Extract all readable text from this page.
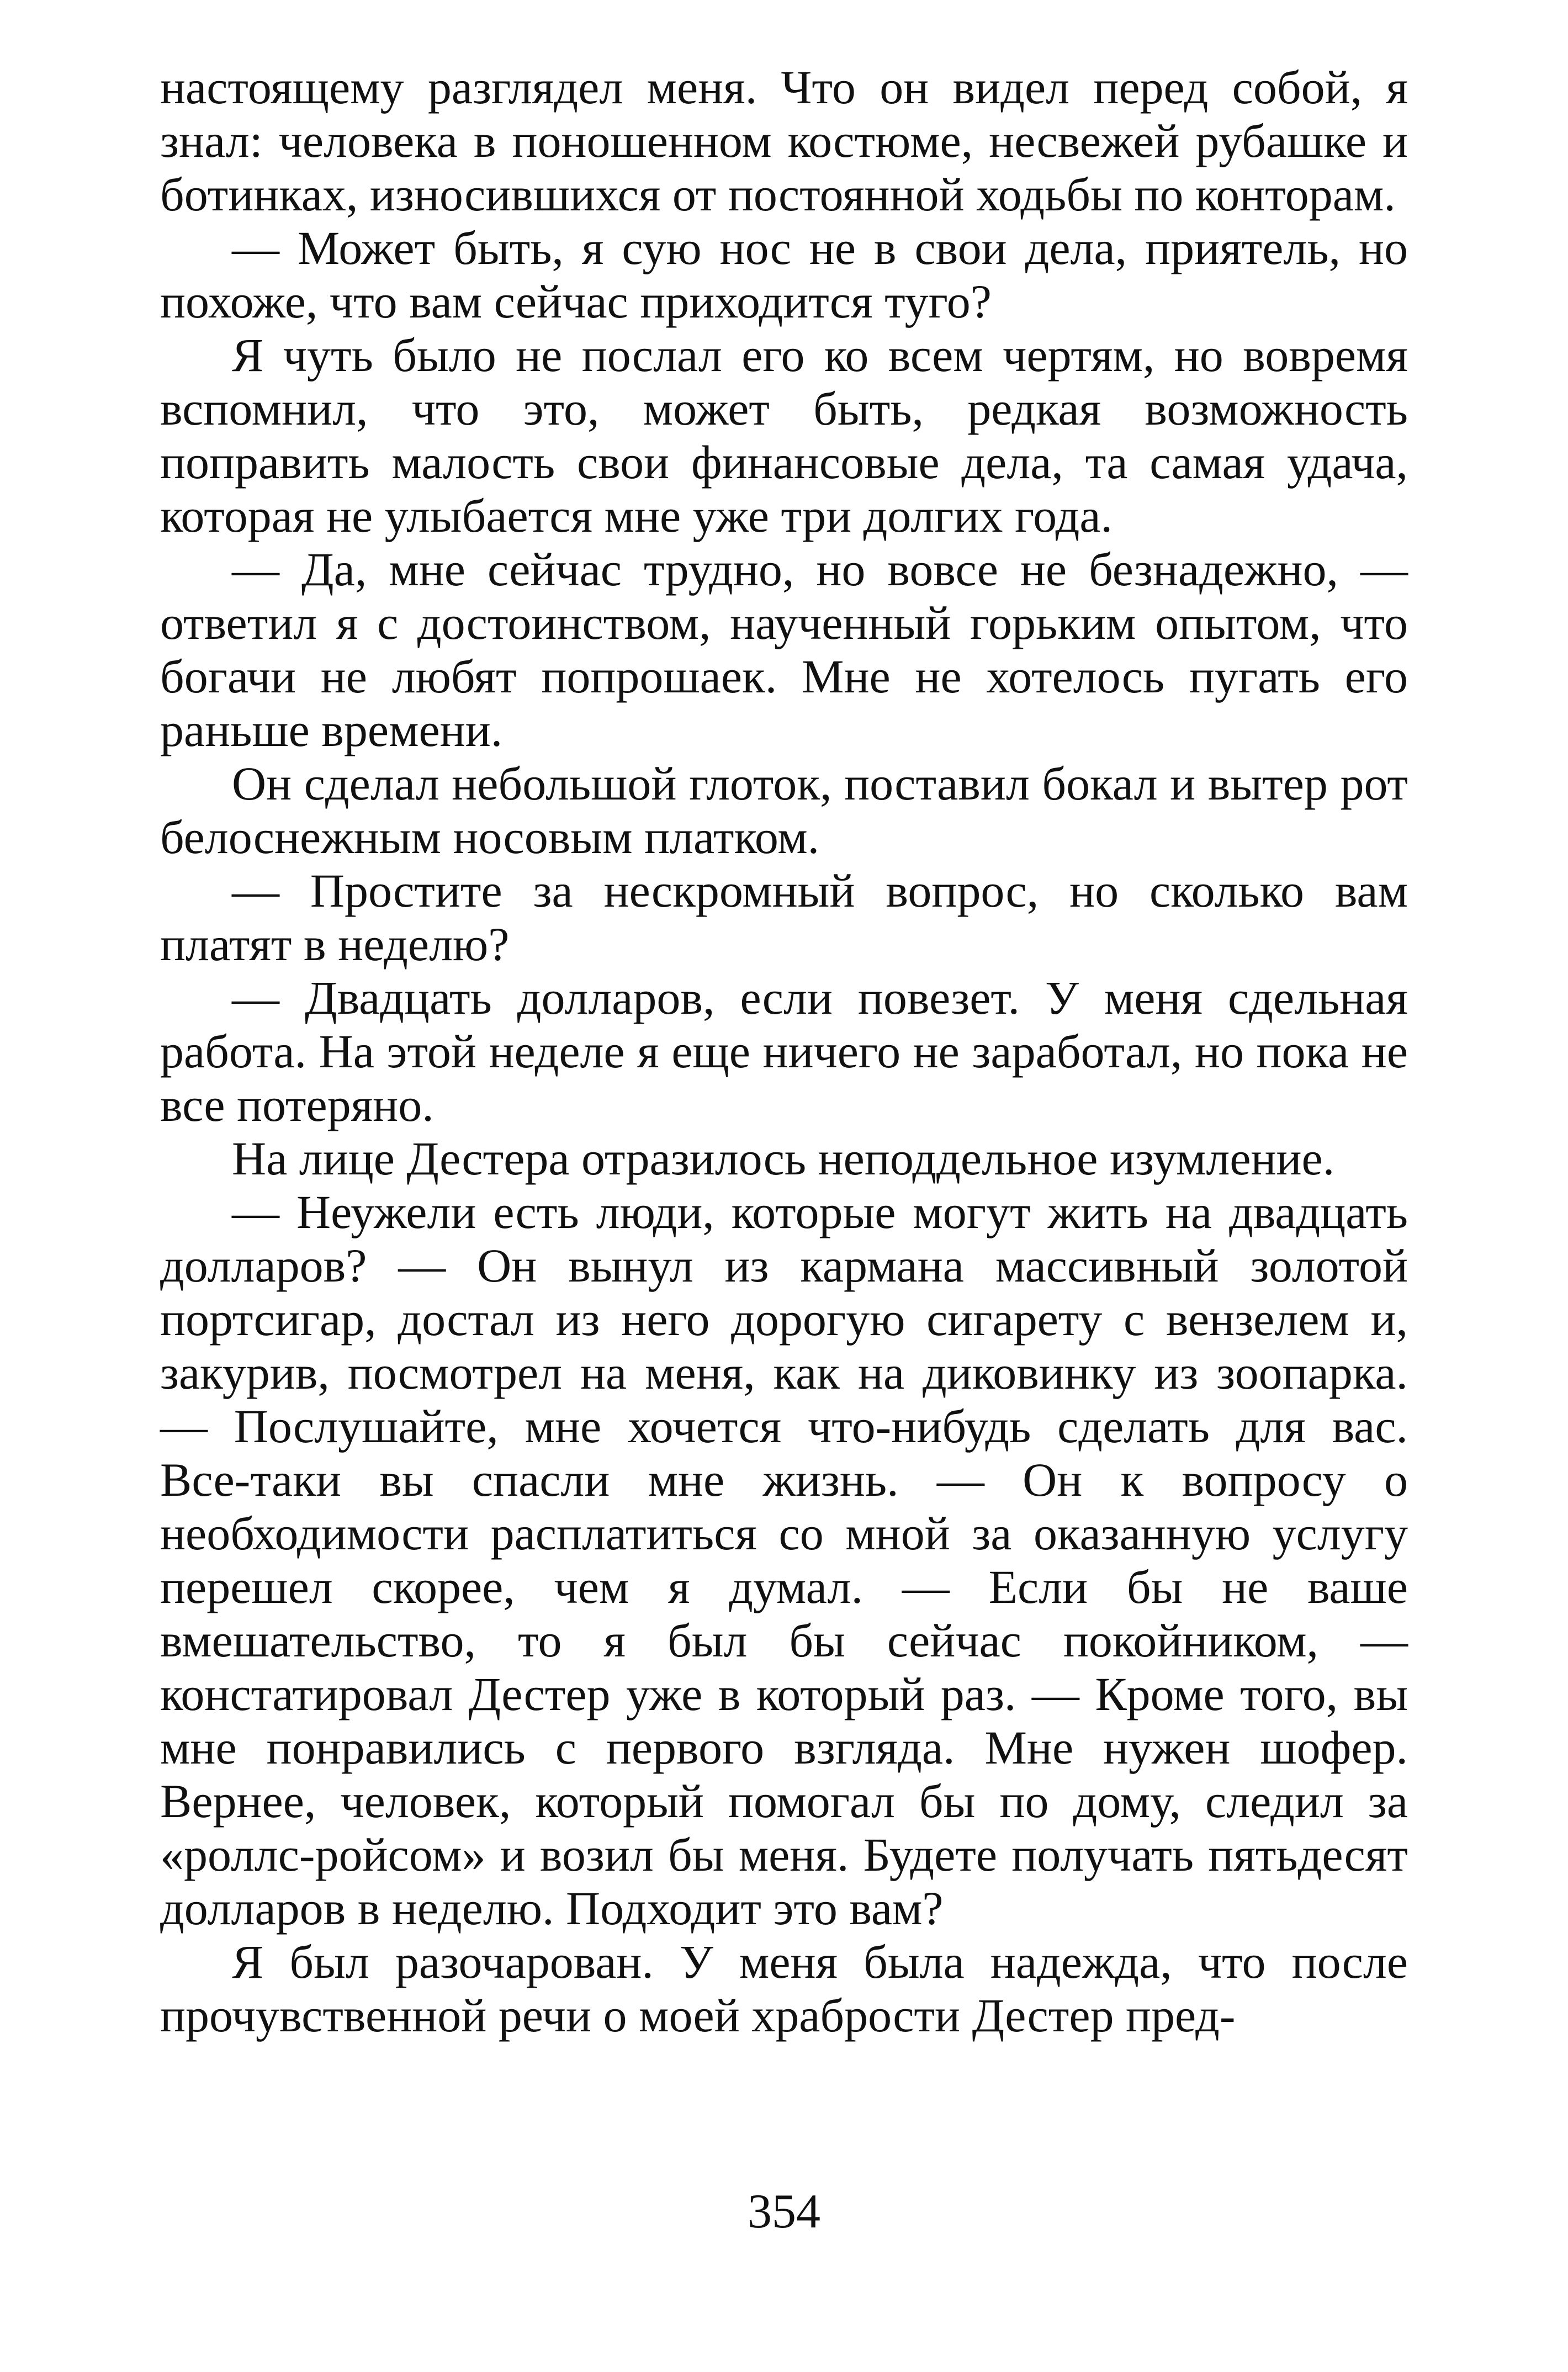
настоящему разглядел меня. Что он видел перед собой, я знал: человека в поношенном костюме, несвежей рубашке и ботинках, износившихся от постоянной ходьбы по конторам.

— Может быть, я сую нос не в свои дела, приятель, но похоже, что вам сейчас приходится туго?

Я чуть было не послал его ко всем чертям, но вовремя вспомнил, что это, может быть, редкая возможность поправить малость свои финансовые дела, та самая удача, которая не улыбается мне уже три долгих года.

— Да, мне сейчас трудно, но вовсе не безнадежно, — ответил я с достоинством, наученный горьким опытом, что богачи не любят попрошаек. Мне не хотелось пугать его раньше времени.

Он сделал небольшой глоток, поставил бокал и вытер рот белоснежным носовым платком.

— Простите за нескромный вопрос, но сколько вам платят в неделю?

— Двадцать долларов, если повезет. У меня сдельная работа. На этой неделе я еще ничего не заработал, но пока не все потеряно.

На лице Дестера отразилось неподдельное изумление.

— Неужели есть люди, которые могут жить на двадцать долларов? — Он вынул из кармана массивный золотой портсигар, достал из него дорогую сигарету с вензелем и, закурив, посмотрел на меня, как на диковинку из зоопарка. — Послушайте, мне хочется что-нибудь сделать для вас. Все-таки вы спасли мне жизнь. — Он к вопросу о необходимости расплатиться со мной за оказанную услугу перешел скорее, чем я думал. — Если бы не ваше вмешательство, то я был бы сейчас покойником, — констатировал Дестер уже в который раз. — Кроме того, вы мне понравились с первого взгляда. Мне нужен шофер. Вернее, человек, который помогал бы по дому, следил за «роллс-ройсом» и возил бы меня. Будете получать пятьдесят долларов в неделю. Подходит это вам?

Я был разочарован. У меня была надежда, что после прочувственной речи о моей храбрости Дестер пред-

354
